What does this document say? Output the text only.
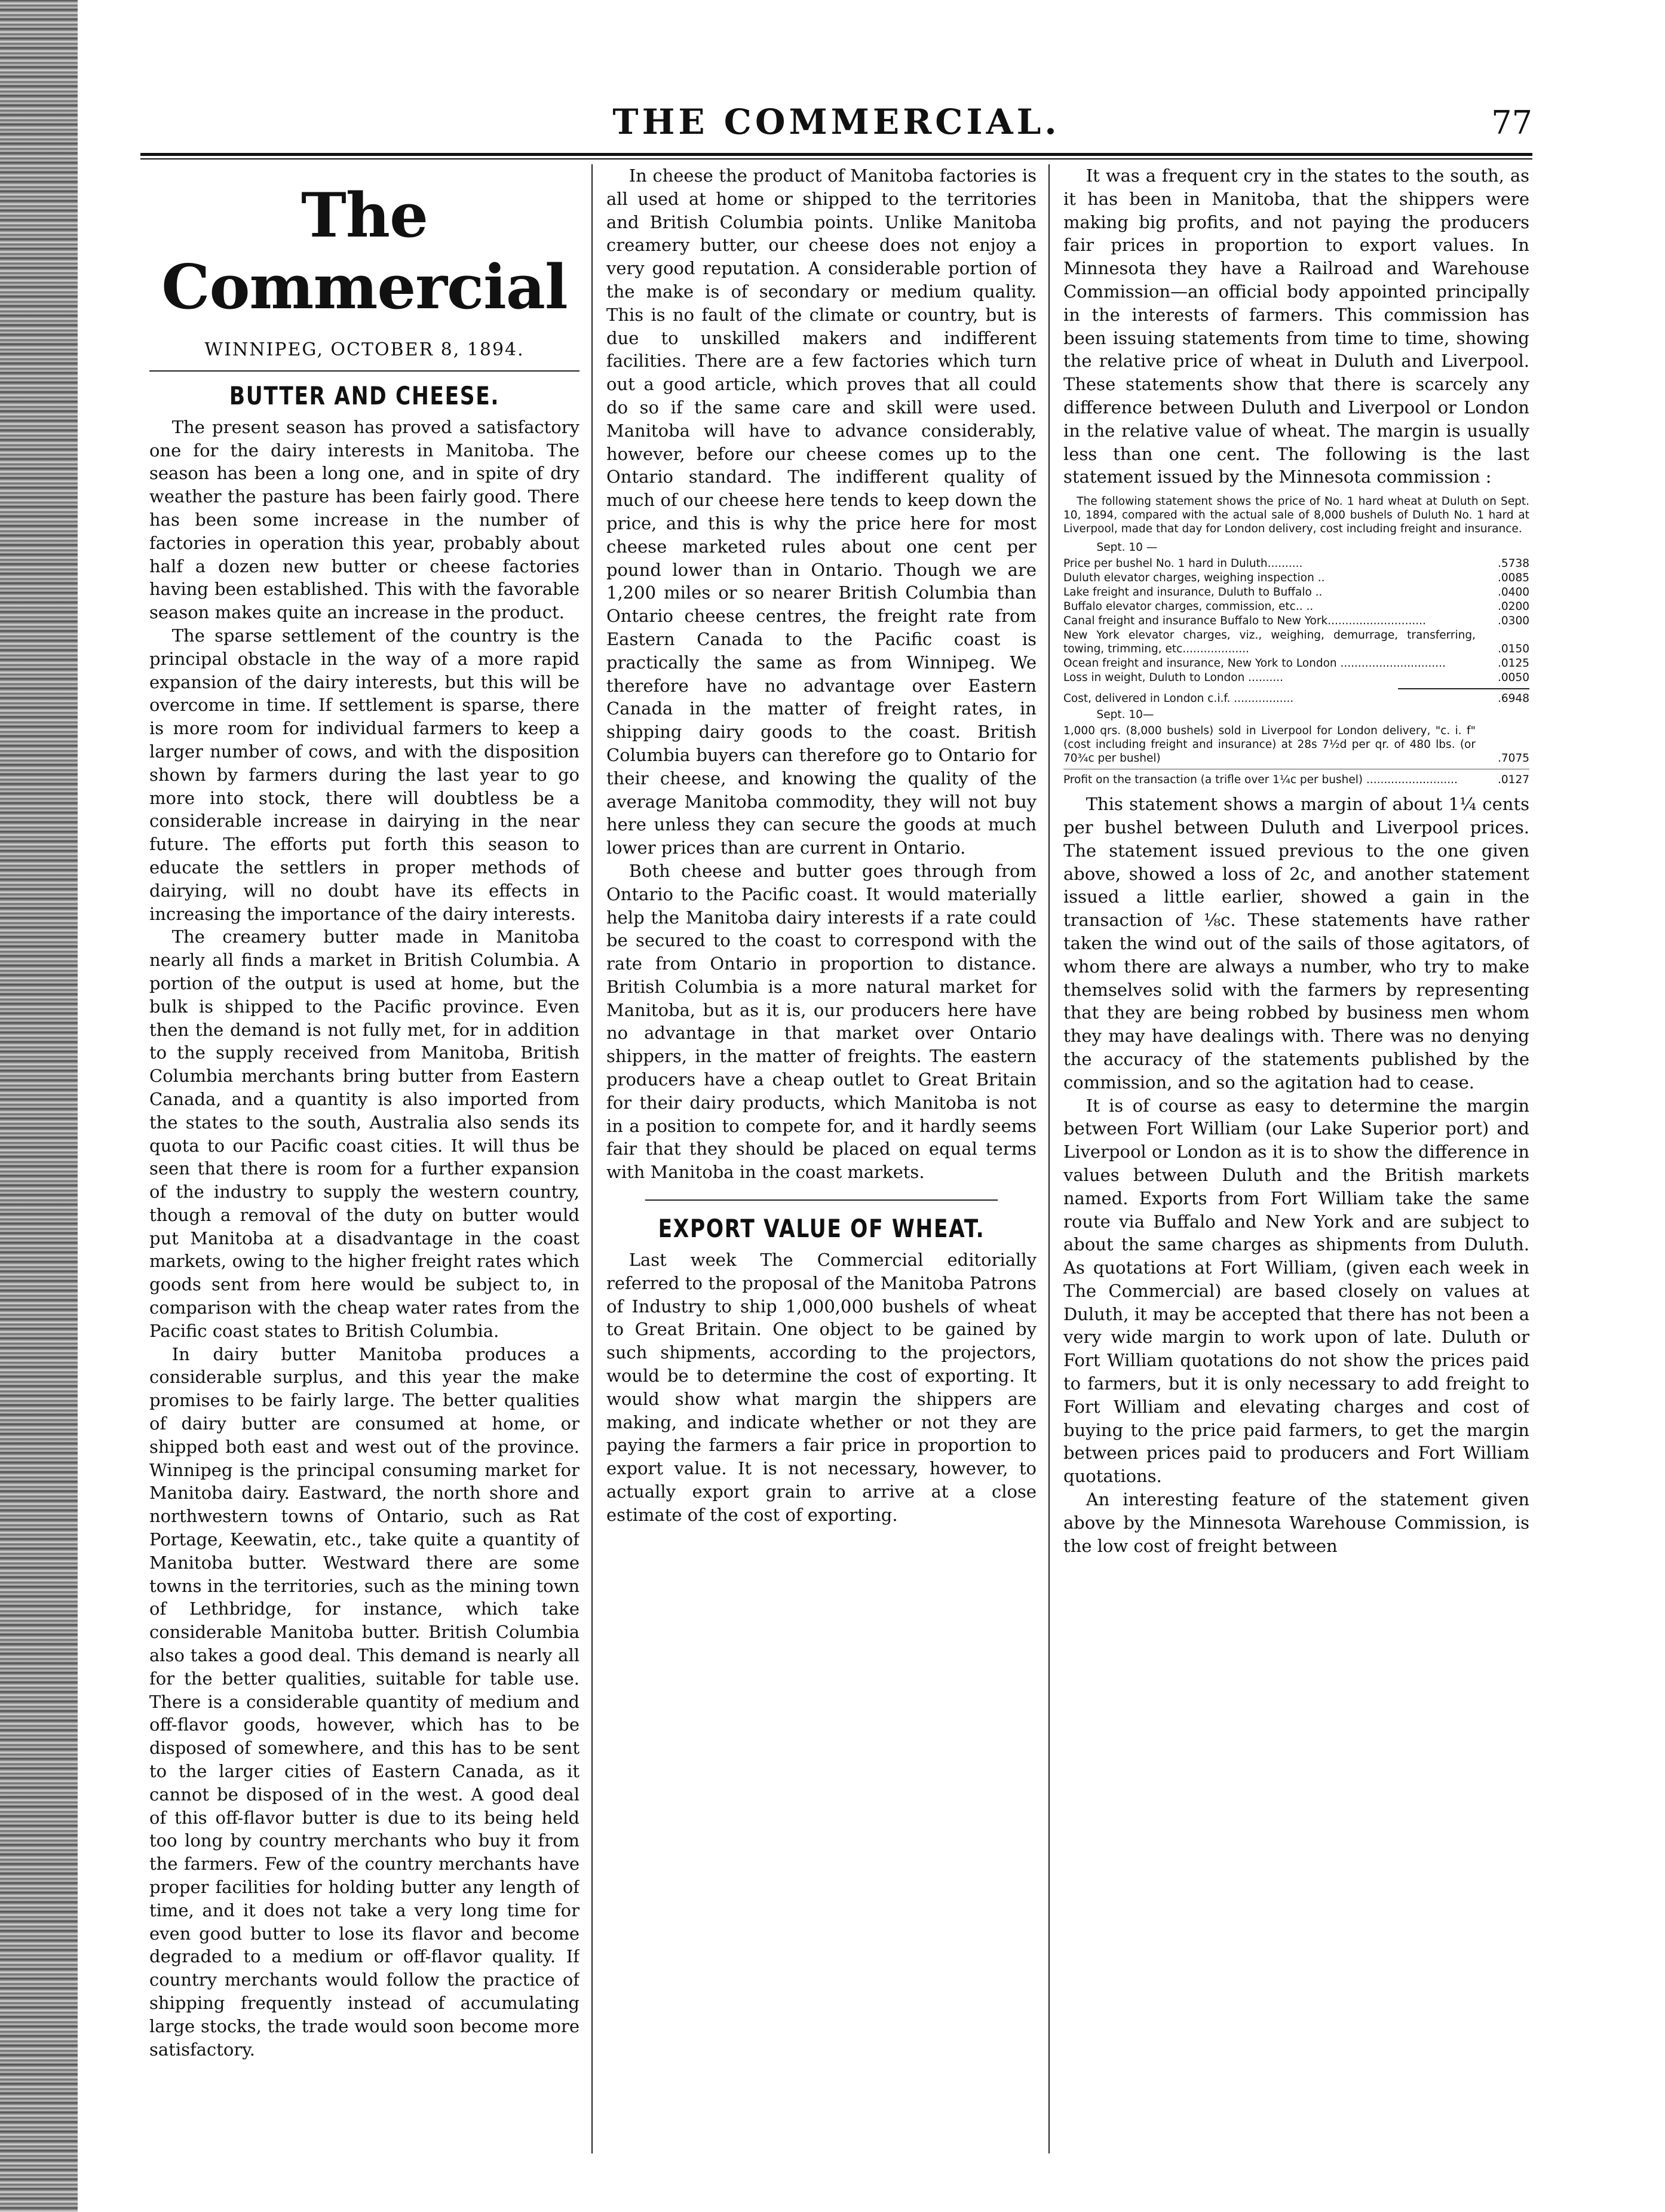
THE COMMERCIAL.	77
The Commercial
WINNIPEG, OCTOBER 8, 1894.
BUTTER AND CHEESE.

The present season has proved a satisfactory one for the dairy interests in Manitoba. The season has been a long one, and in spite of dry weather the pasture has been fairly good. There has been some increase in the number of factories in operation this year, probably about half a dozen new butter or cheese factories having been established. This with the favorable season makes quite an increase in the product.

The sparse settlement of the country is the principal obstacle in the way of a more rapid expansion of the dairy interests, but this will be overcome in time. If settlement is sparse, there is more room for individual farmers to keep a larger number of cows, and with the disposition shown by farmers during the last year to go more into stock, there will doubtless be a considerable increase in dairying in the near future. The efforts put forth this season to educate the settlers in proper methods of dairying, will no doubt have its effects in increasing the importance of the dairy interests.

The creamery butter made in Manitoba nearly all finds a market in British Columbia. A portion of the output is used at home, but the bulk is shipped to the Pacific province. Even then the demand is not fully met, for in addition to the supply received from Manitoba, British Columbia merchants bring butter from Eastern Canada, and a quantity is also imported from the states to the south, Australia also sends its quota to our Pacific coast cities. It will thus be seen that there is room for a further expansion of the industry to supply the western country, though a removal of the duty on butter would put Manitoba at a disadvantage in the coast markets, owing to the higher freight rates which goods sent from here would be subject to, in comparison with the cheap water rates from the Pacific coast states to British Columbia.

In dairy butter Manitoba produces a considerable surplus, and this year the make promises to be fairly large. The better qualities of dairy butter are consumed at home, or shipped both east and west out of the province. Winnipeg is the principal consuming market for Manitoba dairy. Eastward, the north shore and northwestern towns of Ontario, such as Rat Portage, Keewatin, etc., take quite a quantity of Manitoba butter. Westward there are some towns in the territories, such as the mining town of Lethbridge, for instance, which take considerable Manitoba butter. British Columbia also takes a good deal. This demand is nearly all for the better qualities, suitable for table use. There is a considerable quantity of medium and off-flavor goods, however, which has to be disposed of somewhere, and this has to be sent to the larger cities of Eastern Canada, as it cannot be disposed of in the west. A good deal of this off-flavor butter is due to its being held too long by country merchants who buy it from the farmers. Few of the country merchants have proper facilities for holding butter any length of time, and it does not take a very long time for even good butter to lose its flavor and become degraded to a medium or off-flavor quality. If country merchants would follow the practice of shipping frequently instead of accumulating large stocks, the trade would soon become more satisfactory.

In cheese the product of Manitoba factories is all used at home or shipped to the territories and British Columbia points. Unlike Manitoba creamery butter, our cheese does not enjoy a very good reputation. A considerable portion of the make is of secondary or medium quality. This is no fault of the climate or country, but is due to unskilled makers and indifferent facilities. There are a few factories which turn out a good article, which proves that all could do so if the same care and skill were used. Manitoba will have to advance considerably, however, before our cheese comes up to the Ontario standard. The indifferent quality of much of our cheese here tends to keep down the price, and this is why the price here for most cheese marketed rules about one cent per pound lower than in Ontario. Though we are 1,200 miles or so nearer British Columbia than Ontario cheese centres, the freight rate from Eastern Canada to the Pacific coast is practically the same as from Winnipeg. We therefore have no advantage over Eastern Canada in the matter of freight rates, in shipping dairy goods to the coast. British Columbia buyers can therefore go to Ontario for their cheese, and knowing the quality of the average Manitoba commodity, they will not buy here unless they can secure the goods at much lower prices than are current in Ontario.

Both cheese and butter goes through from Ontario to the Pacific coast. It would materially help the Manitoba dairy interests if a rate could be secured to the coast to correspond with the rate from Ontario in proportion to distance. British Columbia is a more natural market for Manitoba, but as it is, our producers here have no advantage in that market over Ontario shippers, in the matter of freights. The eastern producers have a cheap outlet to Great Britain for their dairy products, which Manitoba is not in a position to compete for, and it hardly seems fair that they should be placed on equal terms with Manitoba in the coast markets.

EXPORT VALUE OF WHEAT.

Last week The Commercial editorially referred to the proposal of the Manitoba Patrons of Industry to ship 1,000,000 bushels of wheat to Great Britain. One object to be gained by such shipments, according to the projectors, would be to determine the cost of exporting. It would show what margin the shippers are making, and indicate whether or not they are paying the farmers a fair price in proportion to export value. It is not necessary, however, to actually export grain to arrive at a close estimate of the cost of exporting.

It was a frequent cry in the states to the south, as it has been in Manitoba, that the shippers were making big profits, and not paying the producers fair prices in proportion to export values. In Minnesota they have a Railroad and Warehouse Commission—an official body appointed principally in the interests of farmers. This commission has been issuing statements from time to time, showing the relative price of wheat in Duluth and Liverpool. These statements show that there is scarcely any difference between Duluth and Liverpool or London in the relative value of wheat. The margin is usually less than one cent. The following is the last statement issued by the Minnesota commission :

The following statement shows the price of No. 1 hard wheat at Duluth on Sept. 10, 1894, compared with the actual sale of 8,000 bushels of Duluth No. 1 hard at Liverpool, made that day for London delivery, cost including freight and insurance.
Sept. 10 —
Price per bushel No. 1 hard in Duluth..........	.5738
Duluth elevator charges, weighing inspection ..	.0085
Lake freight and insurance, Duluth to Buffalo ..	.0400
Buffalo elevator charges, commission, etc.. ..	.0200
Canal freight and insurance Buffalo to New York............................	.0300
New York elevator charges, viz., weighing, demurrage, transferring, towing, trimming, etc...................	.0150
Ocean freight and insurance, New York to London ..............................	.0125
Loss in weight, Duluth to London ..........	.0050
Cost, delivered in London c.i.f. .................	.6948
Sept. 10—
1,000 qrs. (8,000 bushels) sold in Liverpool for London delivery, "c. i. f" (cost including freight and insurance) at 28s 7½d per qr. of 480 lbs. (or 70¾c per bushel)	.7075
Profit on the transaction (a trifle over 1¼c per bushel) ..........................	.0127

This statement shows a margin of about 1¼ cents per bushel between Duluth and Liverpool prices. The statement issued previous to the one given above, showed a loss of 2c, and another statement issued a little earlier, showed a gain in the transaction of ⅛c. These statements have rather taken the wind out of the sails of those agitators, of whom there are always a number, who try to make themselves solid with the farmers by representing that they are being robbed by business men whom they may have dealings with. There was no denying the accuracy of the statements published by the commission, and so the agitation had to cease.

It is of course as easy to determine the margin between Fort William (our Lake Superior port) and Liverpool or London as it is to show the difference in values between Duluth and the British markets named. Exports from Fort William take the same route via Buffalo and New York and are subject to about the same charges as shipments from Duluth. As quotations at Fort William, (given each week in The Commercial) are based closely on values at Duluth, it may be accepted that there has not been a very wide margin to work upon of late. Duluth or Fort William quotations do not show the prices paid to farmers, but it is only necessary to add freight to Fort William and elevating charges and cost of buying to the price paid farmers, to get the margin between prices paid to producers and Fort William quotations.

An interesting feature of the statement given above by the Minnesota Warehouse Commission, is the low cost of freight between
